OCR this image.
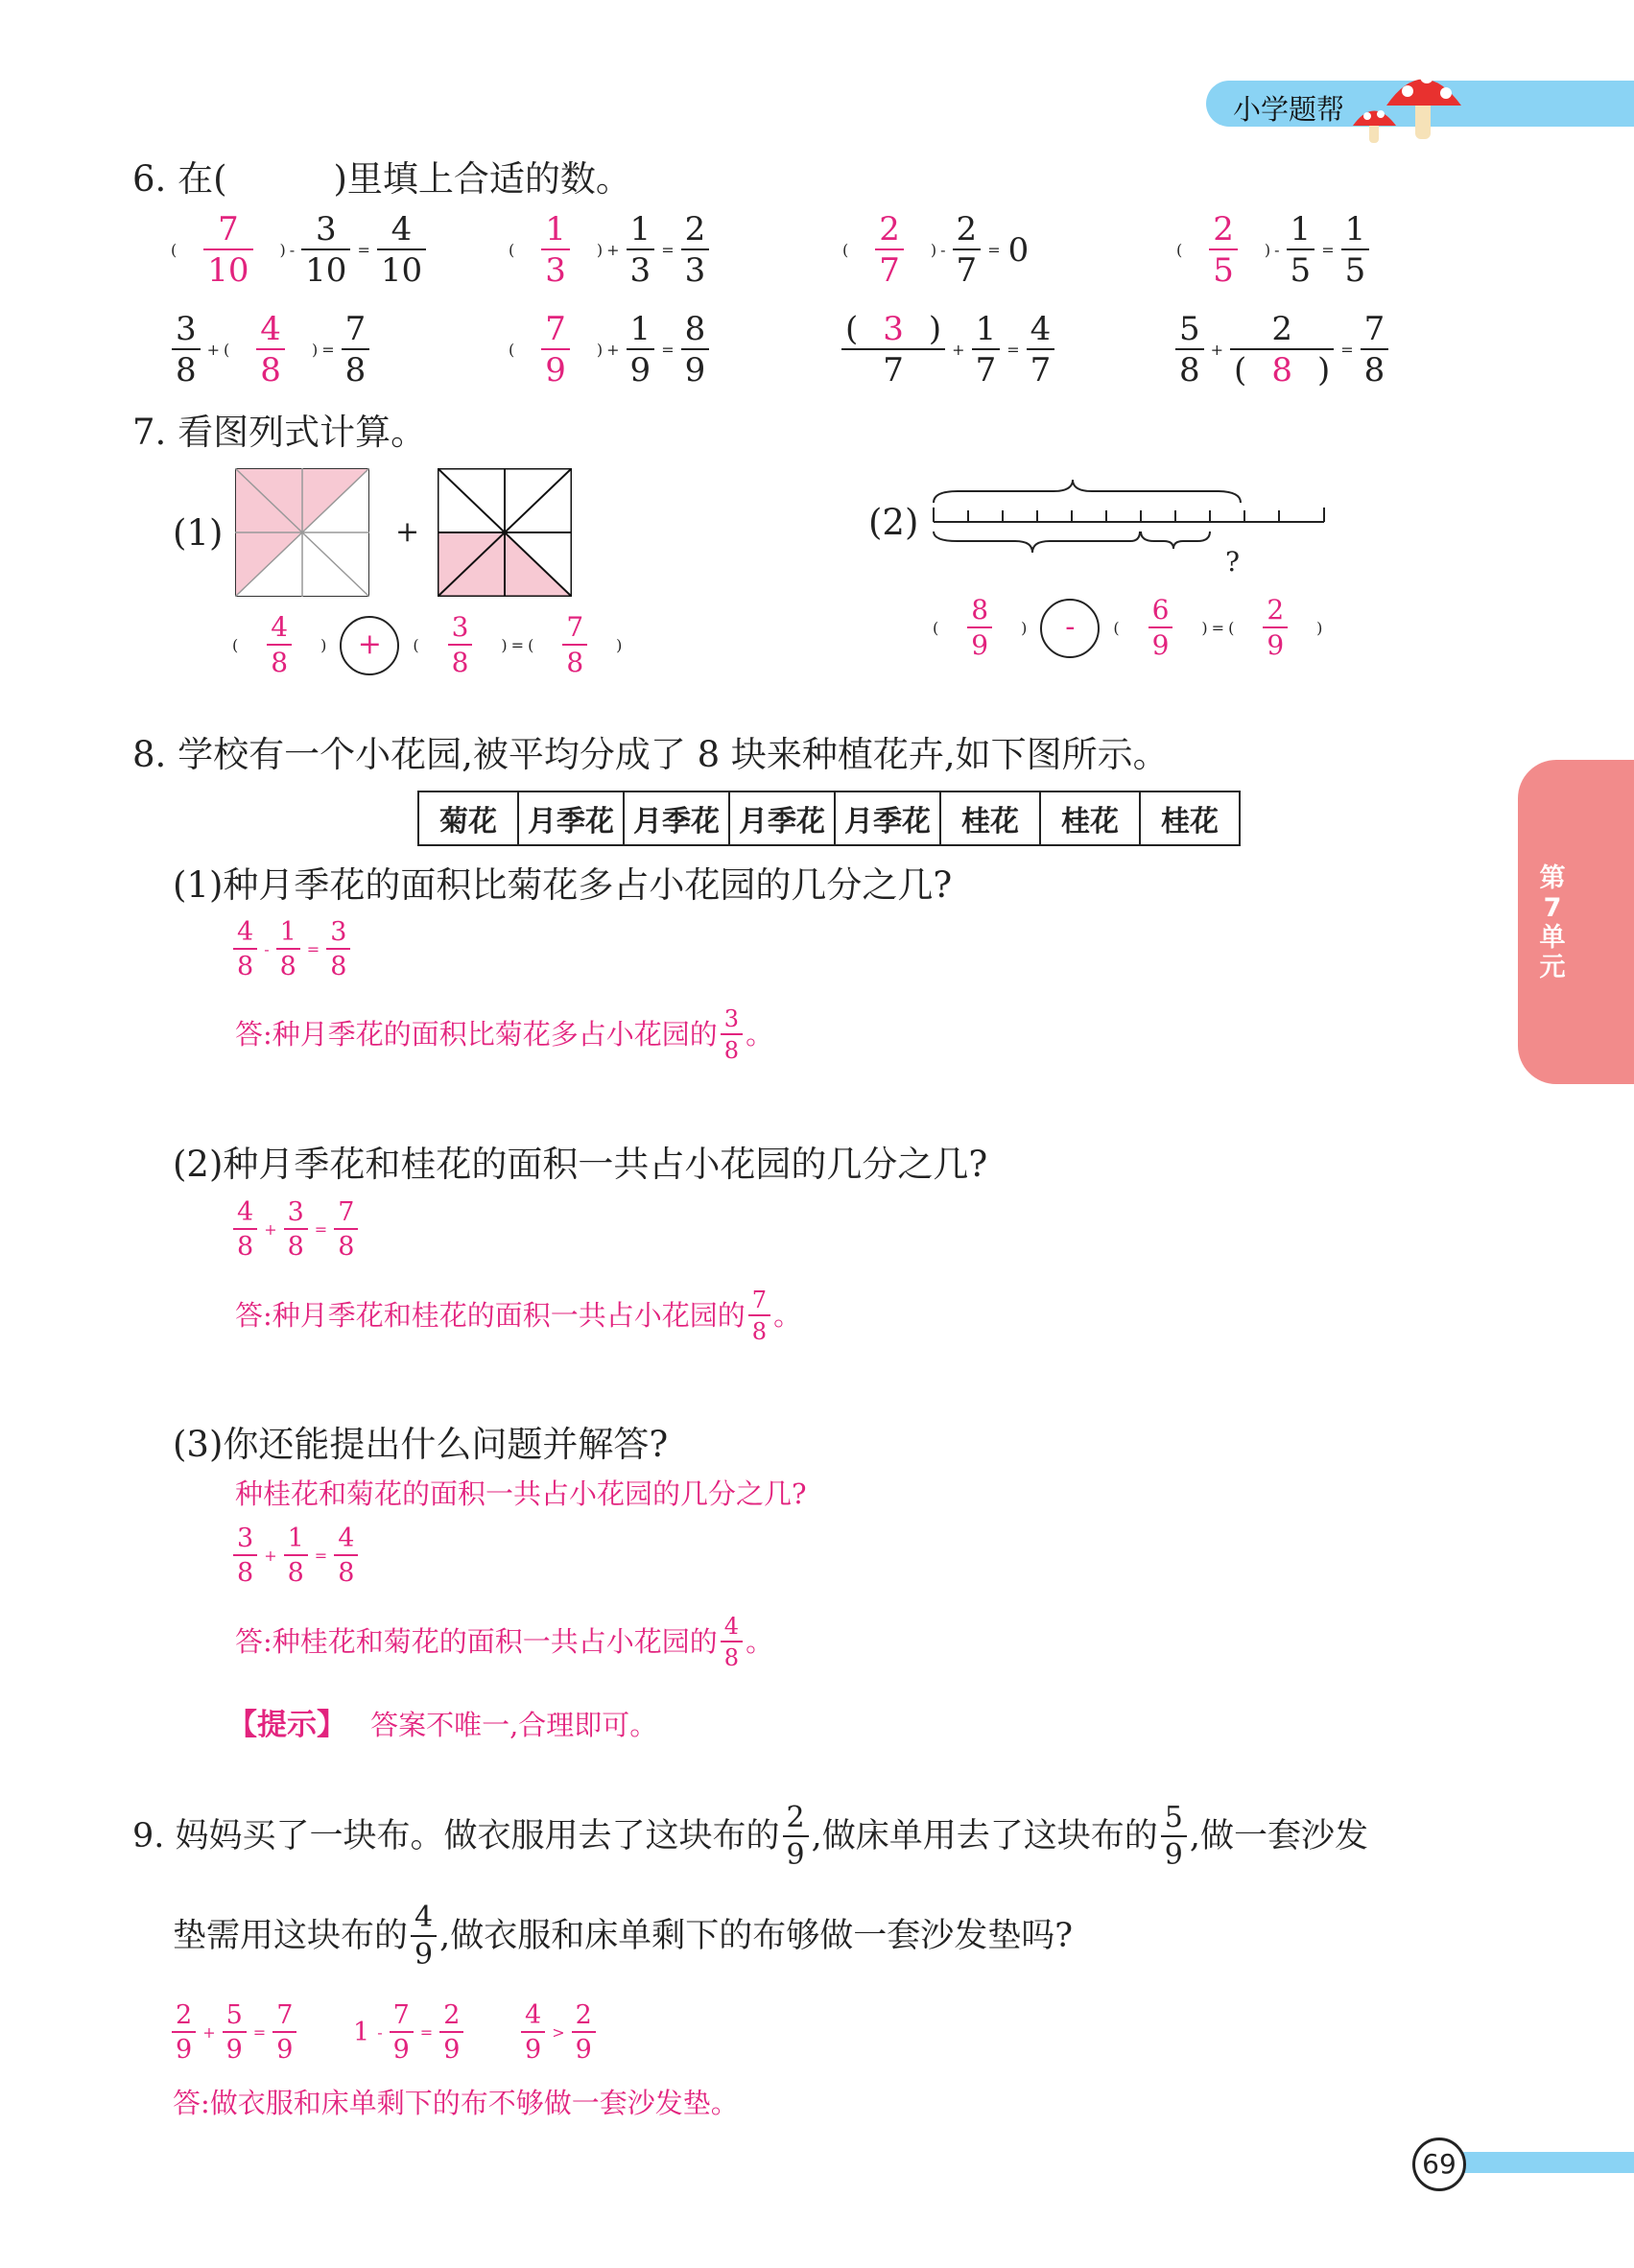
小学题帮
第7单元
6. 在(　　　)里填上合适的数。
(
7
10
) - $\frac{3}{10} = \frac{4}{10}$	(
1
3
) + $\frac{1}{3} = \frac{2}{3}$	(
2
7
) - $\frac{2}{7} = 0$	(
2
5
) - $\frac{1}{5} = \frac{1}{5}$
3
8
+ (
4
8
) = $\frac{7}{8}$	(
7
9
) + $\frac{1}{9} = \frac{8}{9}$	( 3 )
7
+ $\frac{1}{7} = \frac{4}{7}$	5
8
+ $\frac{2}{( 8 )} = \frac{7}{8}$
7. 看图列式计算。
(1)	+
(
4
8
)	+	(
3
8
) = (
7
8
)
(2)
?
(
8
9
)	-	(
6
9
) = (
2
9
)
8. 学校有一个小花园,被平均分成了 8 块来种植花卉,如下图所示。
菊花	月季花	月季花	月季花	月季花	桂花	桂花	桂花
(1)种月季花的面积比菊花多占小花园的几分之几?
4
8
- $\frac{1}{8} = \frac{3}{8}$
答:种月季花的面积比菊花多占小花园的 3
8 。
(2)种月季花和桂花的面积一共占小花园的几分之几?
4
8
+ $\frac{3}{8} = \frac{7}{8}$
答:种月季花和桂花的面积一共占小花园的 7
8 。
(3)你还能提出什么问题并解答?
种桂花和菊花的面积一共占小花园的几分之几?
3
8
+ $\frac{1}{8} = \frac{4}{8}$
答:种桂花和菊花的面积一共占小花园的 4
8 。
【提示】 答案不唯一,合理即可。
9. 妈妈买了一块布。做衣服用去了这块布的 2
9 ,做床单用去了这块布的 5
9 ,做一套沙发
垫需用这块布的 4
9 ,做衣服和床单剩下的布够做一套沙发垫吗?
2
9
+ $\frac{5}{9} = \frac{7}{9} 1 - \frac{7}{9} = \frac{2}{9} 4$
9
>
2
9
答:做衣服和床单剩下的布不够做一套沙发垫。
69
